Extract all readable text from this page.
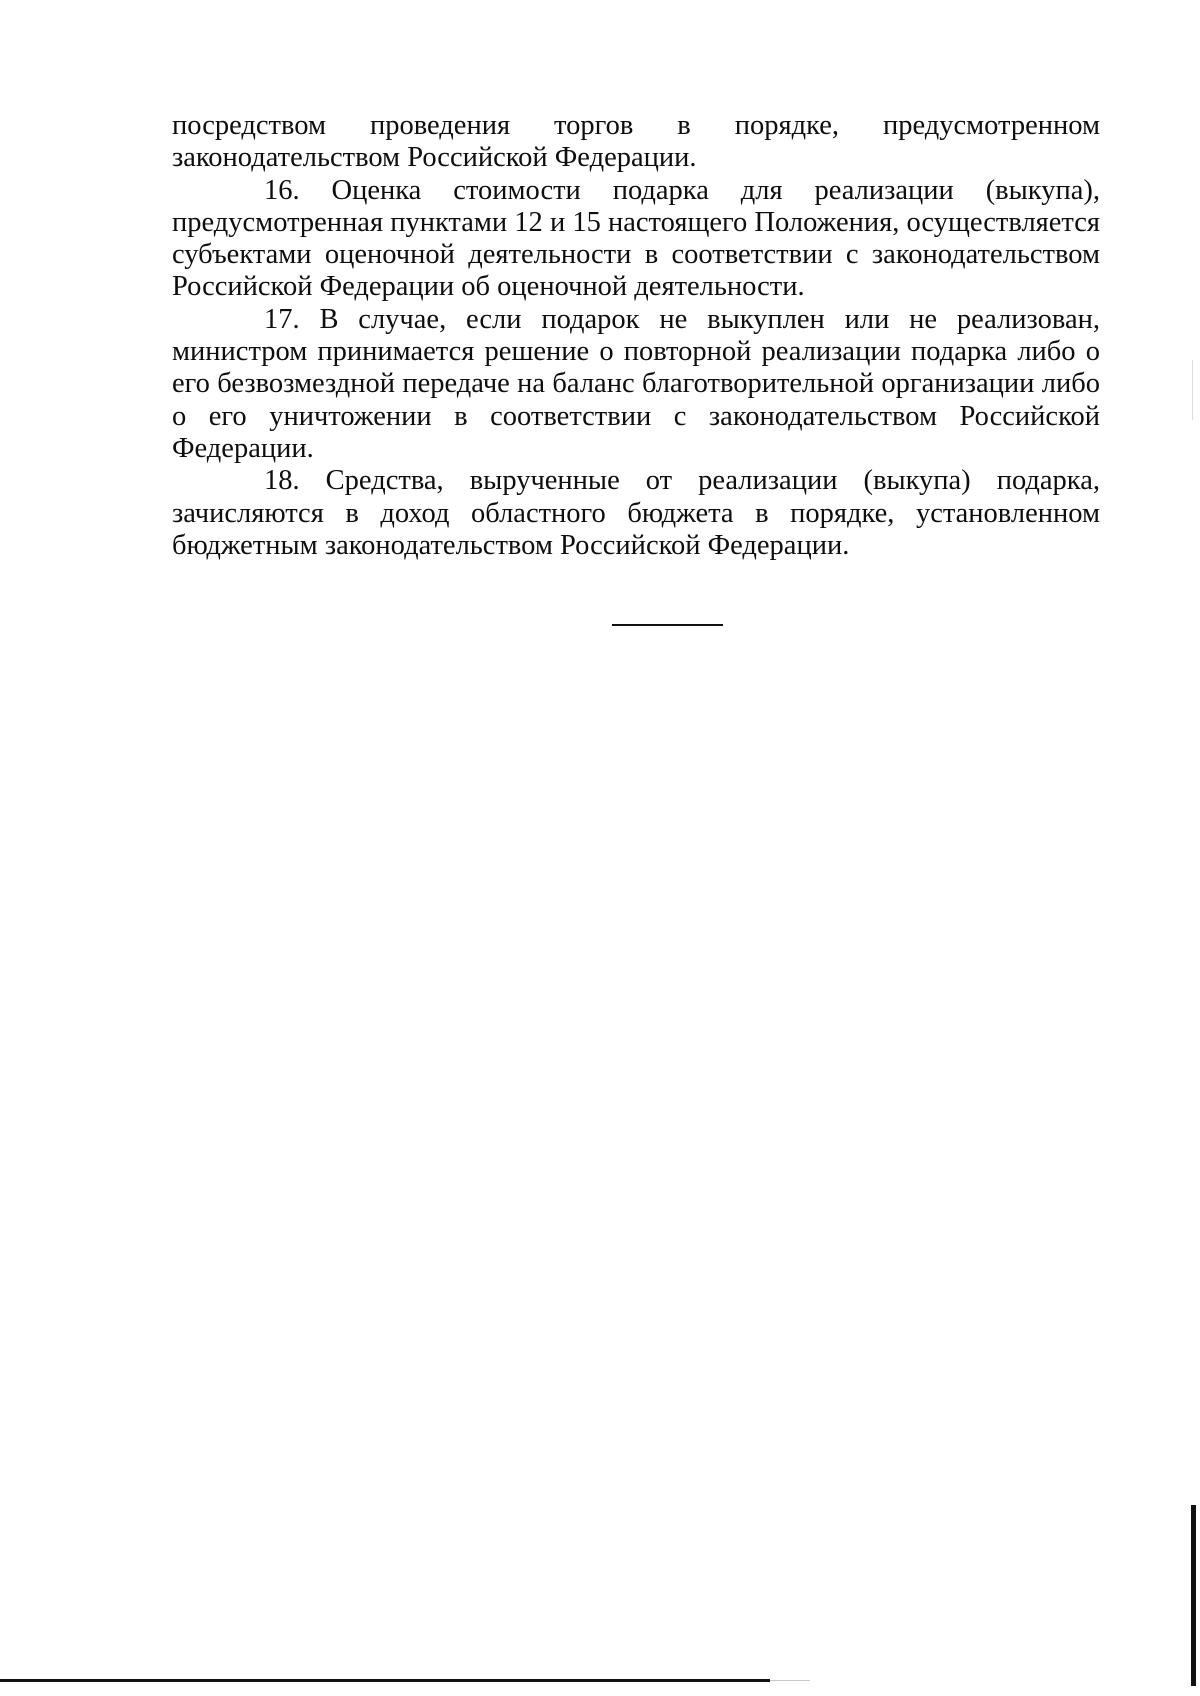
посредством проведения торгов в порядке, предусмотренном законодательством Российской Федерации.

16. Оценка стоимости подарка для реализации (выкупа), предусмотренная пунктами 12 и 15 настоящего Положения, осуществляется субъектами оценочной деятельности в соответствии с законодательством Российской Федерации об оценочной деятельности.

17. В случае, если подарок не выкуплен или не реализован, министром принимается решение о повторной реализации подарка либо о его безвозмездной передаче на баланс благотворительной организации либо о его уничтожении в соответствии с законодательством Российской Федерации.

18. Средства, вырученные от реализации (выкупа) подарка, зачисляются в доход областного бюджета в порядке, установленном бюджетным законодательством Российской Федерации.
